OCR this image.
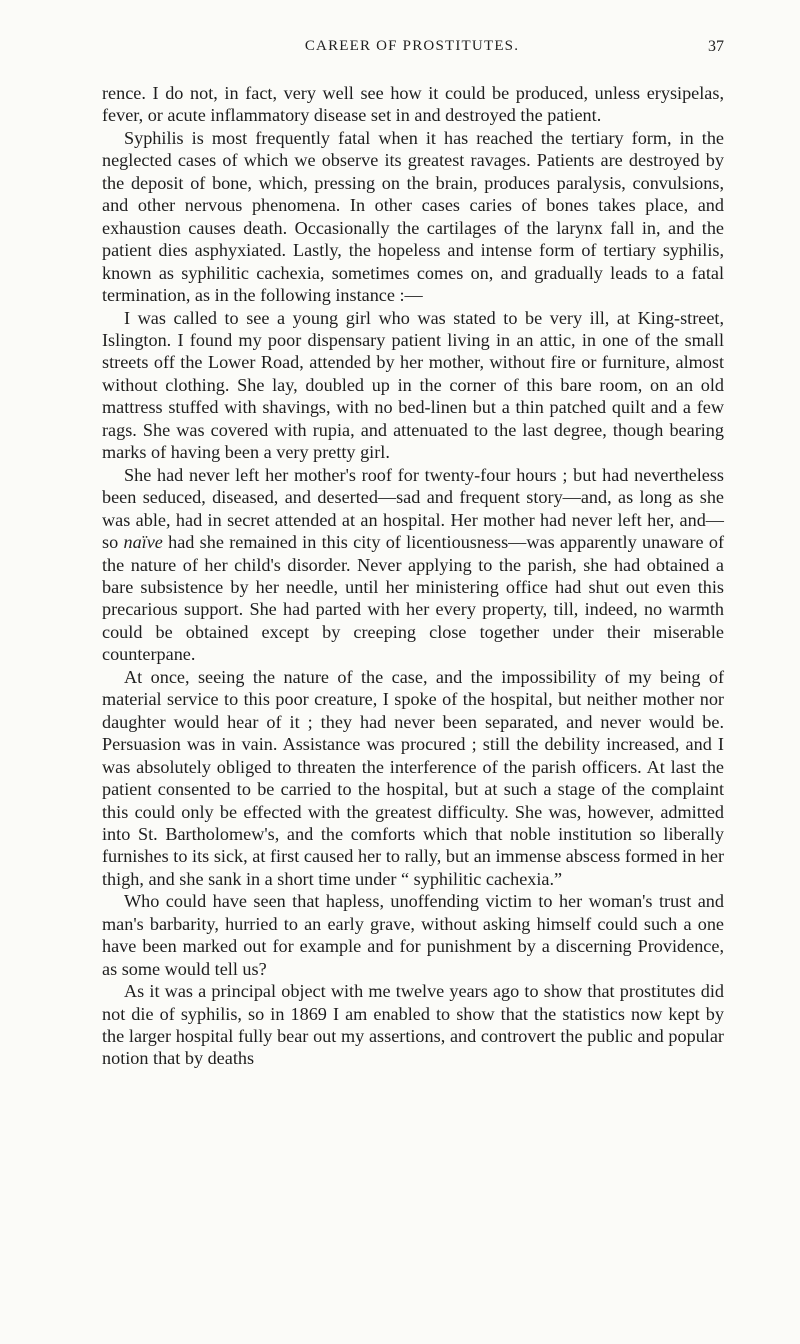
CAREER OF PROSTITUTES.	37

rence. I do not, in fact, very well see how it could be produced, unless erysipelas, fever, or acute inflammatory disease set in and destroyed the patient.

Syphilis is most frequently fatal when it has reached the tertiary form, in the neglected cases of which we observe its greatest ravages. Patients are destroyed by the deposit of bone, which, pressing on the brain, produces paralysis, convulsions, and other nervous phenomena. In other cases caries of bones takes place, and exhaustion causes death. Occasionally the cartilages of the larynx fall in, and the patient dies asphyxiated. Lastly, the hopeless and intense form of tertiary syphilis, known as syphilitic cachexia, sometimes comes on, and gradually leads to a fatal termination, as in the following instance :—

I was called to see a young girl who was stated to be very ill, at King-street, Islington. I found my poor dispensary patient living in an attic, in one of the small streets off the Lower Road, attended by her mother, without fire or furniture, almost without clothing. She lay, doubled up in the corner of this bare room, on an old mattress stuffed with shavings, with no bed-linen but a thin patched quilt and a few rags. She was covered with rupia, and attenuated to the last degree, though bearing marks of having been a very pretty girl.

She had never left her mother's roof for twenty-four hours ; but had nevertheless been seduced, diseased, and deserted—sad and frequent story—and, as long as she was able, had in secret attended at an hospital. Her mother had never left her, and—so naïve had she remained in this city of licentiousness—was apparently unaware of the nature of her child's disorder. Never applying to the parish, she had obtained a bare subsistence by her needle, until her ministering office had shut out even this precarious support. She had parted with her every property, till, indeed, no warmth could be obtained except by creeping close together under their miserable counterpane.

At once, seeing the nature of the case, and the impossibility of my being of material service to this poor creature, I spoke of the hospital, but neither mother nor daughter would hear of it ; they had never been separated, and never would be. Persuasion was in vain. Assistance was procured ; still the debility increased, and I was absolutely obliged to threaten the interference of the parish officers. At last the patient consented to be carried to the hospital, but at such a stage of the complaint this could only be effected with the greatest difficulty. She was, however, admitted into St. Bartholomew's, and the comforts which that noble institution so liberally furnishes to its sick, at first caused her to rally, but an immense abscess formed in her thigh, and she sank in a short time under “ syphilitic cachexia.”

Who could have seen that hapless, unoffending victim to her woman's trust and man's barbarity, hurried to an early grave, without asking himself could such a one have been marked out for example and for punishment by a discerning Providence, as some would tell us?

As it was a principal object with me twelve years ago to show that prostitutes did not die of syphilis, so in 1869 I am enabled to show that the statistics now kept by the larger hospital fully bear out my assertions, and controvert the public and popular notion that by deaths
